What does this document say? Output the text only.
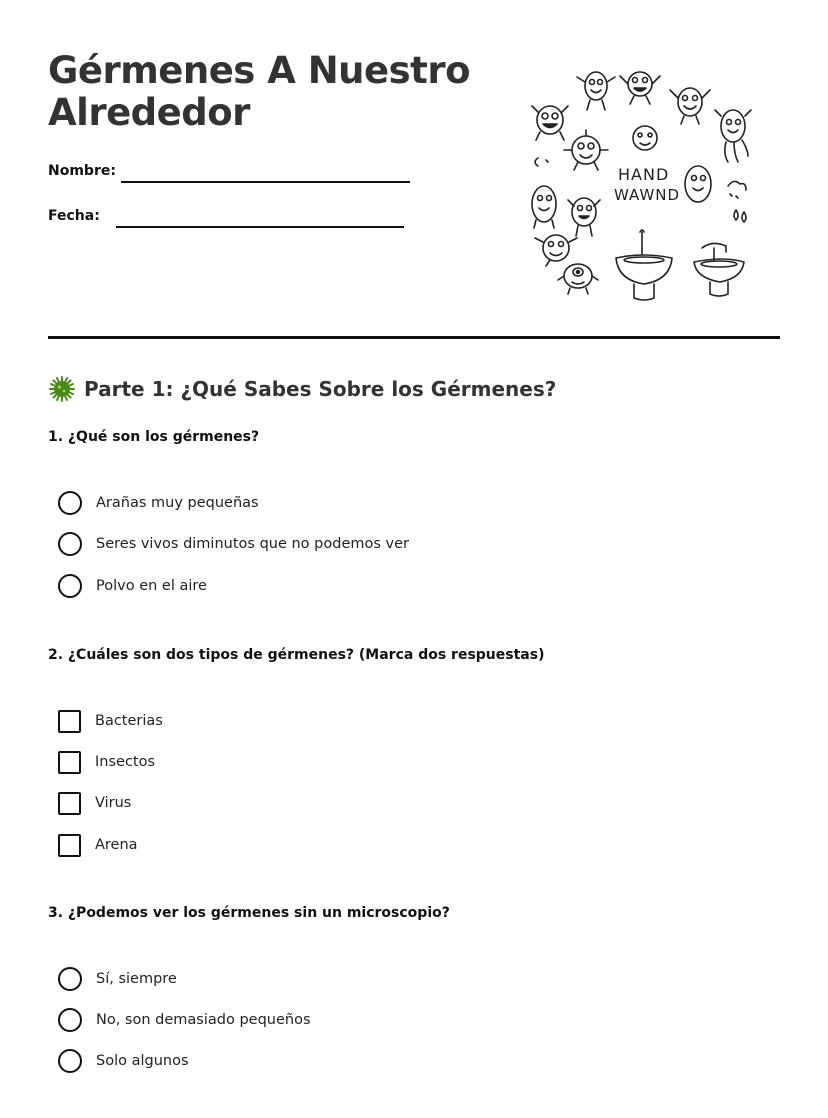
Gérmenes A Nuestro Alrededor
Nombre:
Fecha:
HAND
WAWND
Parte 1: ¿Qué Sabes Sobre los Gérmenes?

1. ¿Qué son los gérmenes?

Arañas muy pequeñas
Seres vivos diminutos que no podemos ver
Polvo en el aire

2. ¿Cuáles son dos tipos de gérmenes? (Marca dos respuestas)

Bacterias
Insectos
Virus
Arena

3. ¿Podemos ver los gérmenes sin un microscopio?

Sí, siempre
No, son demasiado pequeños
Solo algunos
